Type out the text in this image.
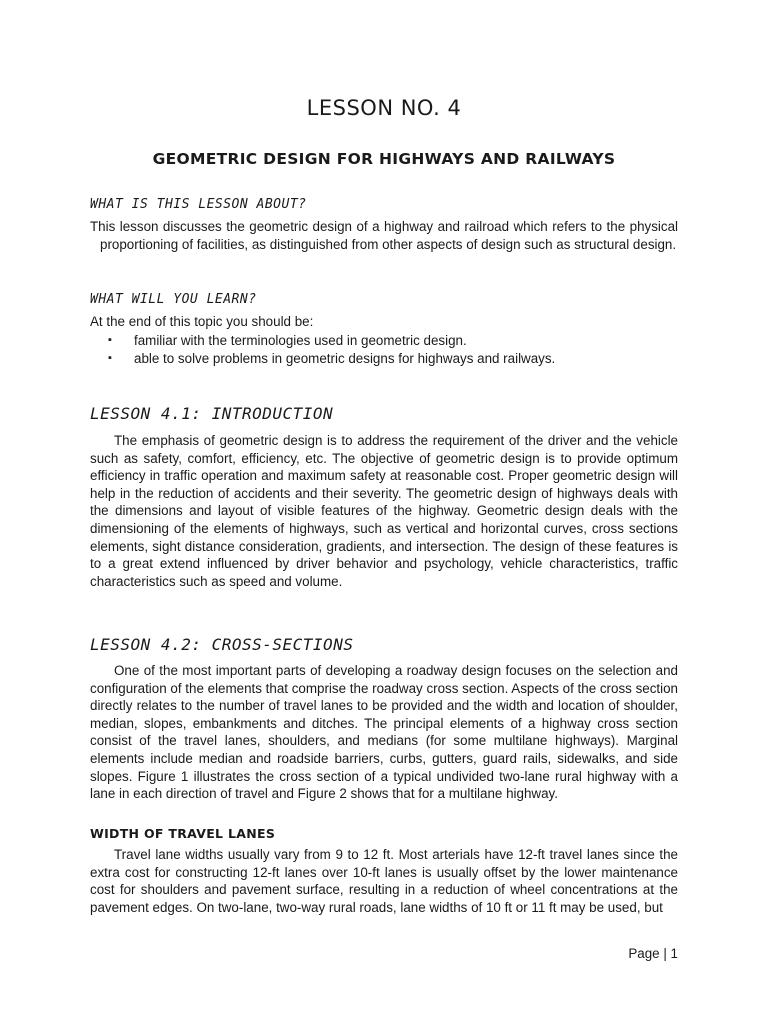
LESSON NO. 4
GEOMETRIC DESIGN FOR HIGHWAYS AND RAILWAYS
WHAT IS THIS LESSON ABOUT?

This lesson discusses the geometric design of a highway and railroad which refers to the physical proportioning of facilities, as distinguished from other aspects of design such as structural design.

WHAT WILL YOU LEARN?

At the end of this topic you should be:

▪ familiar with the terminologies used in geometric design.
▪ able to solve problems in geometric designs for highways and railways.
LESSON 4.1: INTRODUCTION

The emphasis of geometric design is to address the requirement of the driver and the vehicle such as safety, comfort, efficiency, etc. The objective of geometric design is to provide optimum efficiency in traffic operation and maximum safety at reasonable cost. Proper geometric design will help in the reduction of accidents and their severity. The geometric design of highways deals with the dimensions and layout of visible features of the highway. Geometric design deals with the dimensioning of the elements of highways, such as vertical and horizontal curves, cross sections elements, sight distance consideration, gradients, and intersection. The design of these features is to a great extend influenced by driver behavior and psychology, vehicle characteristics, traffic characteristics such as speed and volume.

LESSON 4.2: CROSS-SECTIONS

One of the most important parts of developing a roadway design focuses on the selection and configuration of the elements that comprise the roadway cross section. Aspects of the cross section directly relates to the number of travel lanes to be provided and the width and location of shoulder, median, slopes, embankments and ditches. The principal elements of a highway cross section consist of the travel lanes, shoulders, and medians (for some multilane highways). Marginal elements include median and roadside barriers, curbs, gutters, guard rails, sidewalks, and side slopes. Figure 1 illustrates the cross section of a typical undivided two-lane rural highway with a lane in each direction of travel and Figure 2 shows that for a multilane highway.

WIDTH OF TRAVEL LANES

Travel lane widths usually vary from 9 to 12 ft. Most arterials have 12-ft travel lanes since the extra cost for constructing 12-ft lanes over 10-ft lanes is usually offset by the lower maintenance cost for shoulders and pavement surface, resulting in a reduction of wheel concentrations at the pavement edges. On two-lane, two-way rural roads, lane widths of 10 ft or 11 ft may be used, but

Page | 1
